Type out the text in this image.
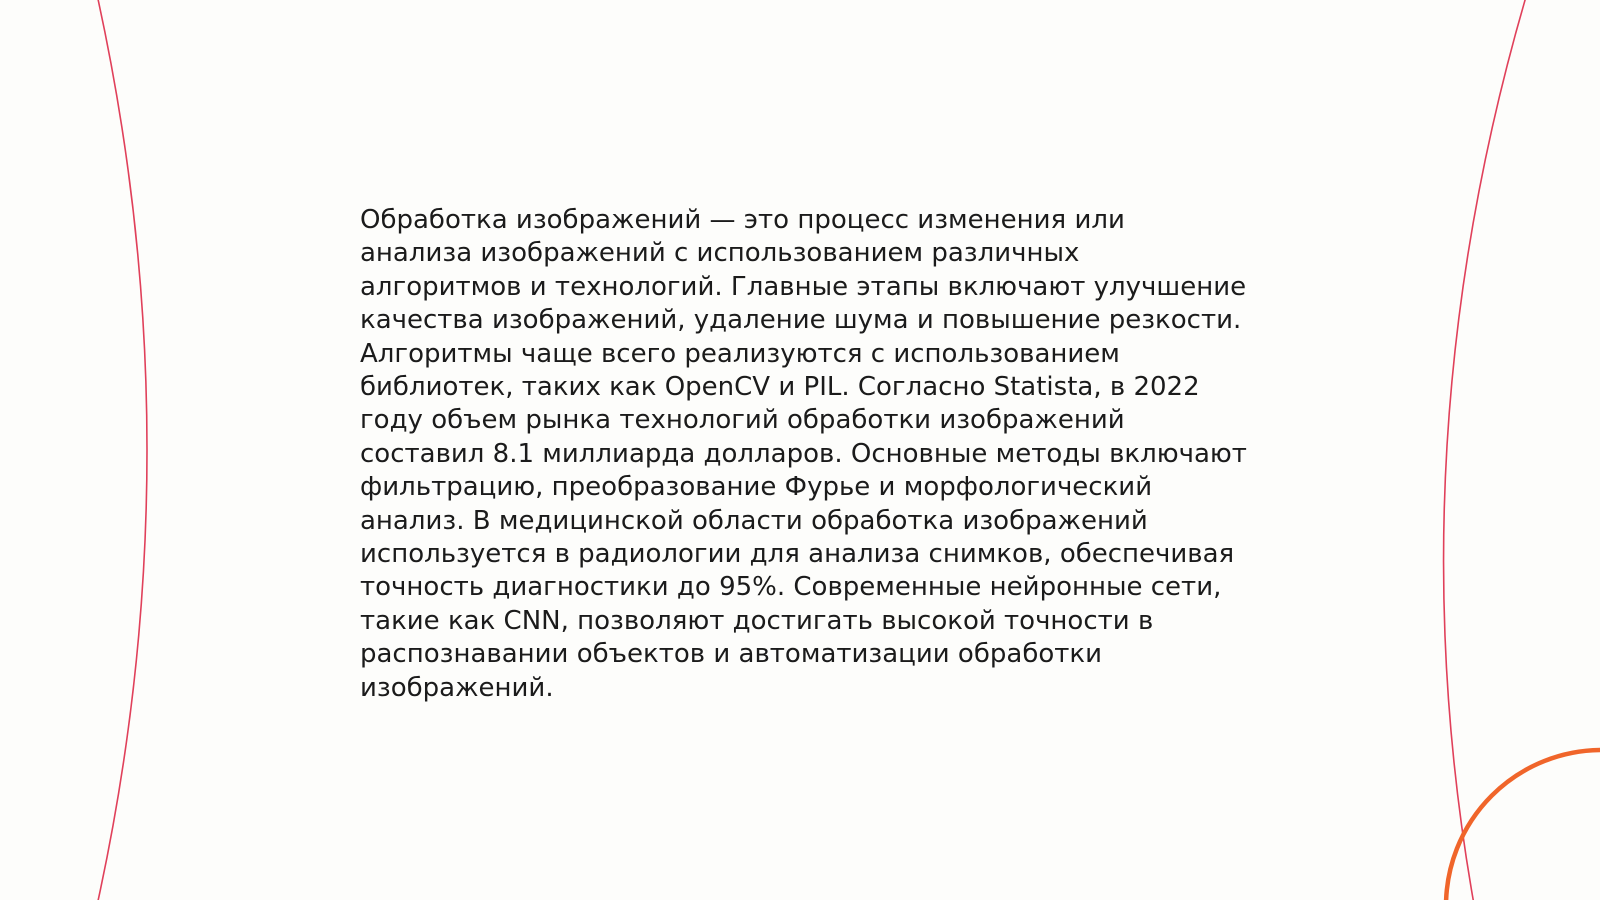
Обработка изображений — это процесс изменения или
анализа изображений с использованием различных
алгоритмов и технологий. Главные этапы включают улучшение
качества изображений, удаление шума и повышение резкости.
Алгоритмы чаще всего реализуются с использованием
библиотек, таких как OpenCV и PIL. Согласно Statista, в 2022
году объем рынка технологий обработки изображений
составил 8.1 миллиарда долларов. Основные методы включают
фильтрацию, преобразование Фурье и морфологический
анализ. В медицинской области обработка изображений
используется в радиологии для анализа снимков, обеспечивая
точность диагностики до 95%. Современные нейронные сети,
такие как CNN, позволяют достигать высокой точности в
распознавании объектов и автоматизации обработки
изображений.
